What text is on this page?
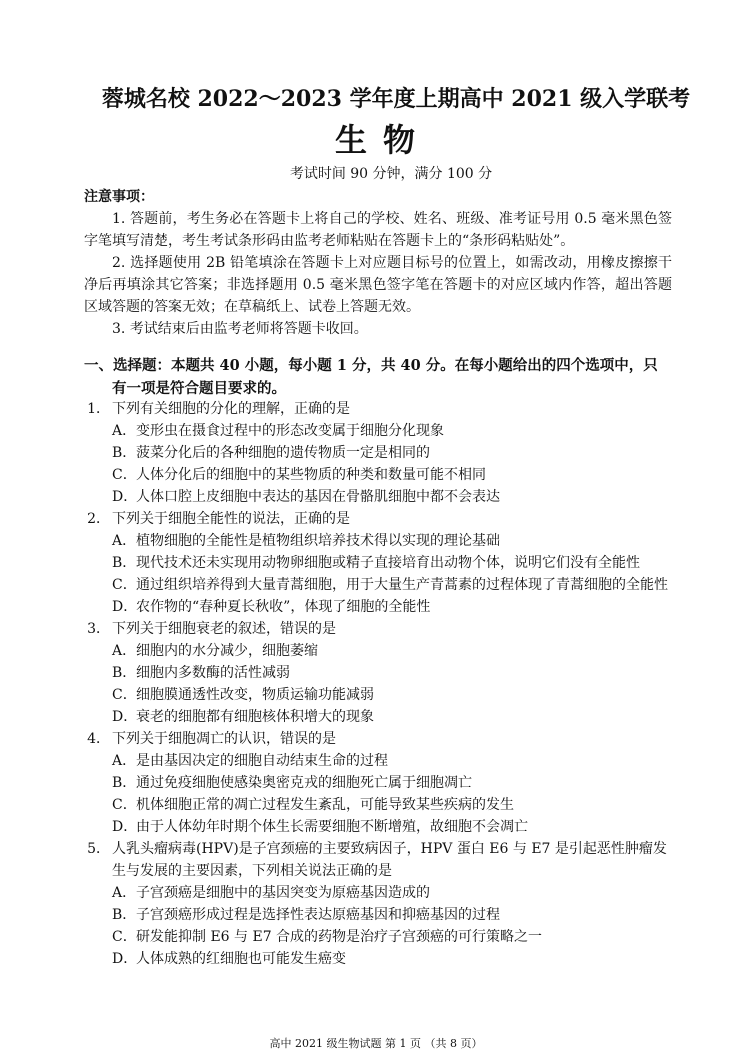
蓉城名校 2022～2023 学年度上期高中 2021 级入学联考
生物
考试时间 90 分钟，满分 100 分
注意事项：

1. 答题前，考生务必在答题卡上将自己的学校、姓名、班级、准考证号用 0.5 毫米黑色签字笔填写清楚，考生考试条形码由监考老师粘贴在答题卡上的“条形码粘贴处”。

2. 选择题使用 2B 铅笔填涂在答题卡上对应题目标号的位置上，如需改动，用橡皮擦擦干净后再填涂其它答案；非选择题用 0.5 毫米黑色签字笔在答题卡的对应区域内作答，超出答题区域答题的答案无效；在草稿纸上、试卷上答题无效。

3. 考试结束后由监考老师将答题卡收回。

一、选择题：本题共 40 小题，每小题 1 分，共 40 分。在每小题给出的四个选项中，只
有一项是符合题目要求的。
1． 下列有关细胞的分化的理解，正确的是
A． 变形虫在摄食过程中的形态改变属于细胞分化现象
B． 菠菜分化后的各种细胞的遗传物质一定是相同的
C． 人体分化后的细胞中的某些物质的种类和数量可能不相同
D．
人体口腔上皮细胞中表达的基因在骨骼肌细胞中都不会表达
2． 下列关于细胞全能性的说法，正确的是
A． 植物细胞的全能性是植物组织培养技术得以实现的理论基础
B． 现代技术还未实现用动物卵细胞或精子直接培育出动物个体，说明它们没有全能性
C． 通过组织培养得到大量青蒿细胞，用于大量生产青蒿素的过程体现了青蒿细胞的全能性
D．
农作物的“春种夏长秋收”，体现了细胞的全能性
3． 下列关于细胞衰老的叙述，错误的是
A． 细胞内的水分减少，细胞萎缩
B． 细胞内多数酶的活性减弱
C． 细胞膜通透性改变，物质运输功能减弱
D．
衰老的细胞都有细胞核体积增大的现象
4． 下列关于细胞凋亡的认识，错误的是
A． 是由基因决定的细胞自动结束生命的过程
B． 通过免疫细胞使感染奥密克戎的细胞死亡属于细胞凋亡
C． 机体细胞正常的凋亡过程发生紊乱，可能导致某些疾病的发生
D．
由于人体幼年时期个体生长需要细胞不断增殖，故细胞不会凋亡
5． 人乳头瘤病毒(HPV)是子宫颈癌的主要致病因子，HPV 蛋白 E6 与 E7 是引起恶性肿瘤发生与发展的主要因素，下列相关说法正确的是
A． 子宫颈癌是细胞中的基因突变为原癌基因造成的
B． 子宫颈癌形成过程是选择性表达原癌基因和抑癌基因的过程
C． 研发能抑制 E6 与 E7 合成的药物是治疗子宫颈癌的可行策略之一
D．
人体成熟的红细胞也可能发生癌变
高中 2021 级生物试题 第 1 页 （共 8 页）
